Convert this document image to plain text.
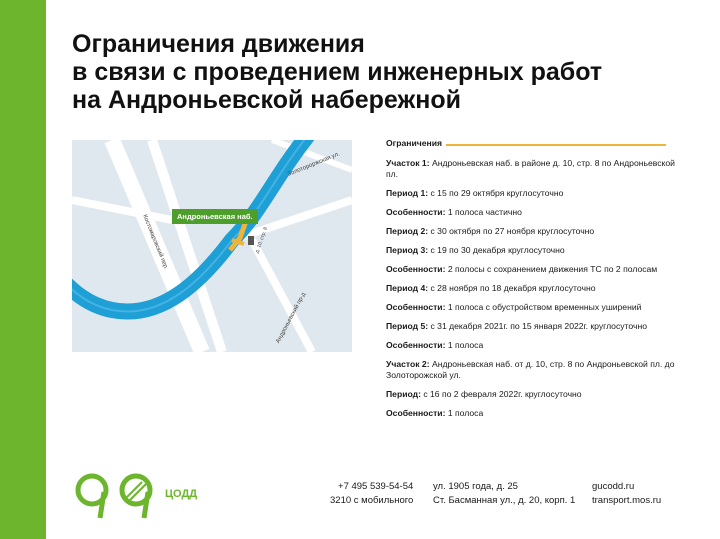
Ограничения движения
в связи с проведением инженерных работ
на Андроньевской набережной
Андроньевская наб.
Золотороржская ул.
Костомаровский пер.
Андроньевский пр-д
д. 10, стр. 8
Ограничения
Участок 1: Андроньевская наб. в районе д. 10, стр. 8 по Андроньевской пл.
Период 1: с 15 по 29 октября круглосуточно
Особенности: 1 полоса частично
Период 2: с 30 октября по 27 ноября круглосуточно
Период 3: с 19 по 30 декабря круглосуточно
Особенности: 2 полосы с сохранением движения ТС по 2 полосам
Период 4: с 28 ноября по 18 декабря круглосуточно
Особенности: 1 полоса с обустройством временных уширений
Период 5: с 31 декабря 2021г. по 15 января 2022г. круглосуточно
Особенности: 1 полоса
Участок 2: Андроньевская наб. от д. 10, стр. 8 по Андроньевской пл. до Золоторожской ул.
Период: с 16 по 2 февраля 2022г. круглосуточно
Особенности: 1 полоса
ЦОДД
+7 495 539-54-54
3210 с мобильного
ул. 1905 года, д. 25
Ст. Басманная ул., д. 20, корп. 1
gucodd.ru
transport.mos.ru
